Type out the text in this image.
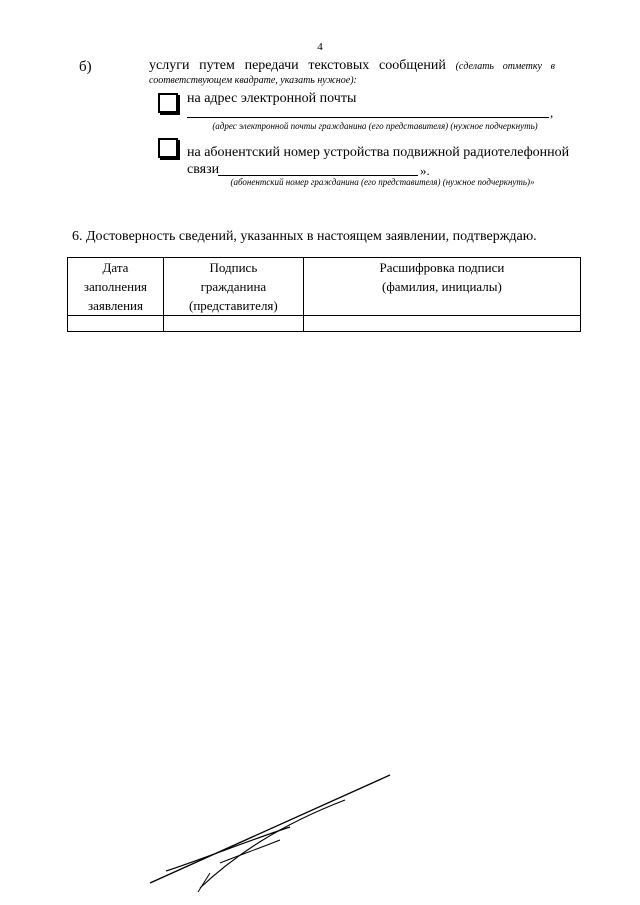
4
б)	услуги путем передачи текстовых сообщений (сделать отметку в
соответствующем квадрате, указать нужное):
на адрес электронной почты
,
(адрес электронной почты гражданина (его представителя) (нужное подчеркнуть)
на абонентский номер устройства подвижной радиотелефонной
связи	».
(абонентский номер гражданина (его представителя) (нужное подчеркнуть)»
6. Достоверность сведений, указанных в настоящем заявлении, подтверждаю.
Дата заполнения заявления	Подпись гражданина (представителя)	Расшифровка подписи (фамилия, инициалы)
